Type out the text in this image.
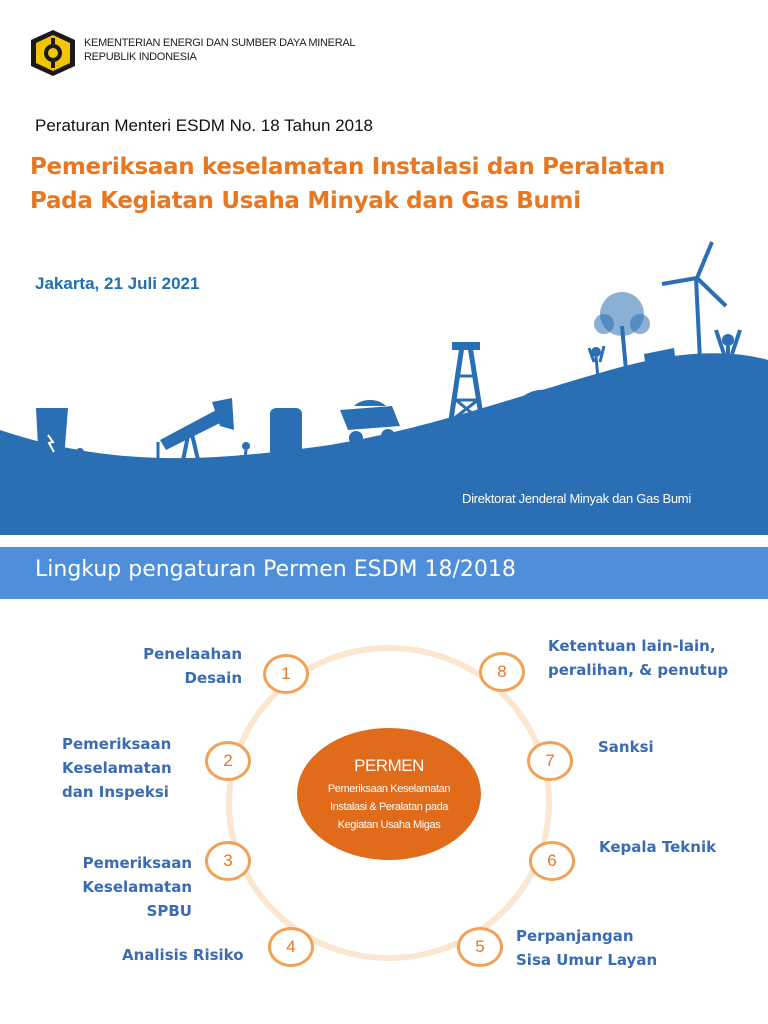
KEMENTERIAN ENERGI DAN SUMBER DAYA MINERAL
REPUBLIK INDONESIA
Peraturan Menteri ESDM No. 18 Tahun 2018
Pemeriksaan keselamatan Instalasi dan Peralatan
Pada Kegiatan Usaha Minyak dan Gas Bumi
Jakarta, 21 Juli 2021
Direktorat Jenderal Minyak dan Gas Bumi
Lingkup pengaturan Permen ESDM 18/2018
PERMEN
Pemeriksaan Keselamatan
Instalasi & Peralatan pada
Kegiatan Usaha Migas
1
2
3
4	5
6
7
8
Penelaahan
Desain
Pemeriksaan
Keselamatan
dan Inspeksi
Pemeriksaan
Keselamatan
SPBU
Analisis Risiko
Perpanjangan
Sisa Umur Layan
Kepala Teknik
Sanksi
Ketentuan lain-lain,
peralihan, & penutup
